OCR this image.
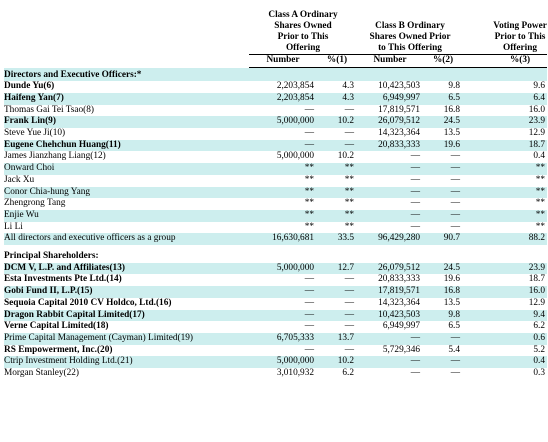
	Class A Ordinary Shares Owned Prior to This Offering		Class B Ordinary Shares Owned Prior to This Offering		Voting Power Prior to This Offering
	Number	%(1)	Number	%(2)	%(3)
Directors and Executive Officers:*					
Dunde Yu(6)	2,203,854	4.3	10,423,503	9.8	9.6
Haifeng Yan(7)	2,203,854	4.3	6,949,997	6.5	6.4
Thomas Gai Tei Tsao(8)	—	—	17,819,571	16.8	16.0
Frank Lin(9)	5,000,000	10.2	26,079,512	24.5	23.9
Steve Yue Ji(10)	—	—	14,323,364	13.5	12.9
Eugene Chehchun Huang(11)	—	—	20,833,333	19.6	18.7
James Jianzhang Liang(12)	5,000,000	10.2	—	—	0.4
Onward Choi	**	**	—	—	**
Jack Xu	**	**	—	—	**
Conor Chia-hung Yang	**	**	—	—	**
Zhengrong Tang	**	**	—	—	**
Enjie Wu	**	**	—	—	**
Li Li	**	**	—	—	**
All directors and executive officers as a group	16,630,681	33.5	96,429,280	90.7	88.2

Principal Shareholders:					
DCM V, L.P. and Affiliates(13)	5,000,000	12.7	26,079,512	24.5	23.9
Esta Investments Pte Ltd.(14)	—	—	20,833,333	19.6	18.7
Gobi Fund II, L.P.(15)	—	—	17,819,571	16.8	16.0
Sequoia Capital 2010 CV Holdco, Ltd.(16)	—	—	14,323,364	13.5	12.9
Dragon Rabbit Capital Limited(17)	—	—	10,423,503	9.8	9.4
Verne Capital Limited(18)	—	—	6,949,997	6.5	6.2
Prime Capital Management (Cayman) Limited(19)	6,705,333	13.7	—	—	0.6
RS Empowerment, Inc.(20)	—	—	5,729,346	5.4	5.2
Ctrip Investment Holding Ltd.(21)	5,000,000	10.2	—	—	0.4
Morgan Stanley(22)	3,010,932	6.2	—	—	0.3
